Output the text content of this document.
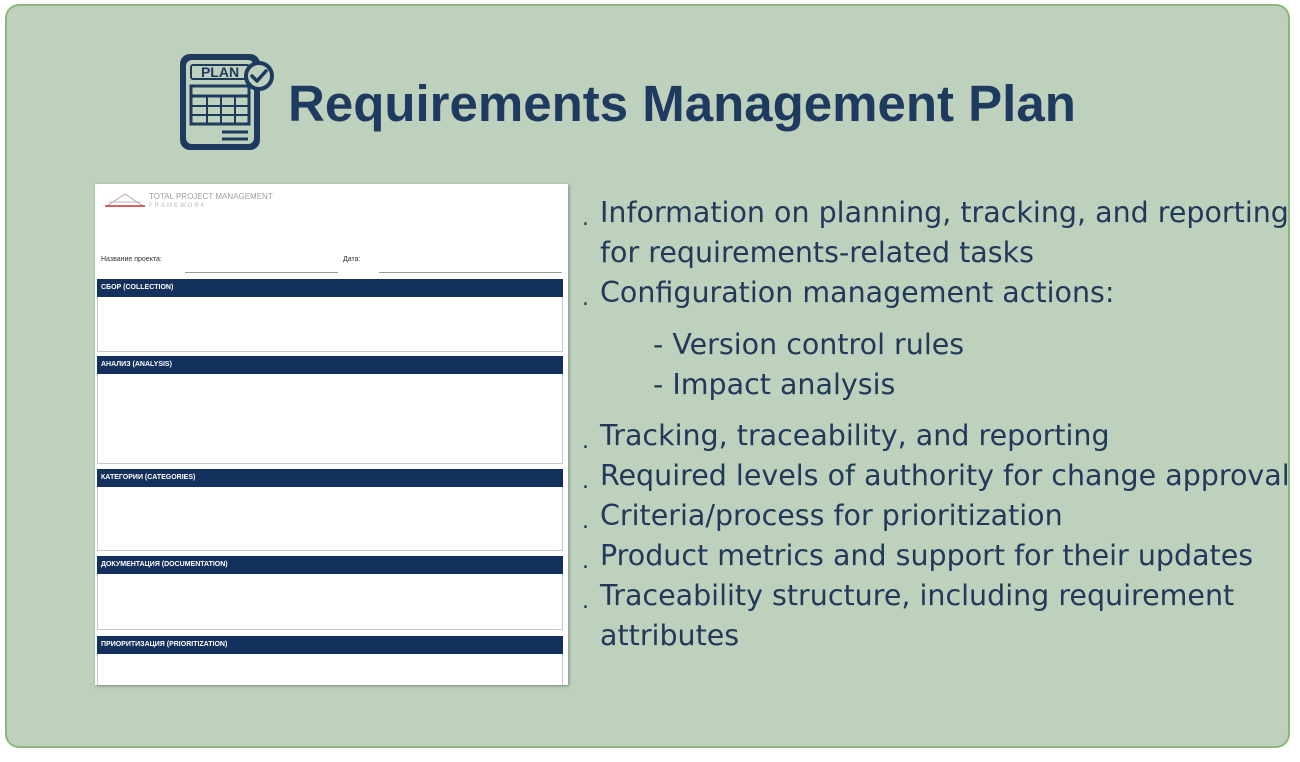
PLAN
Requirements Management Plan
TOTAL PROJECT MANAGEMENT
FRAMEWORK
Название проекта:	Дата:
СБОР (COLLECTION)
АНАЛИЗ (ANALYSIS)
КАТЕГОРИИ (CATEGORIES)
ДОКУМЕНТАЦИЯ (DOCUMENTATION)
ПРИОРИТИЗАЦИЯ (PRIORITIZATION)
. Information on planning, tracking, and reporting
for requirements-related tasks
. Configuration management actions:
- Version control rules
- Impact analysis
. Tracking, traceability, and reporting
. Required levels of authority for change approval
. Criteria/process for prioritization
. Product metrics and support for their updates
. Traceability structure, including requirement
attributes
